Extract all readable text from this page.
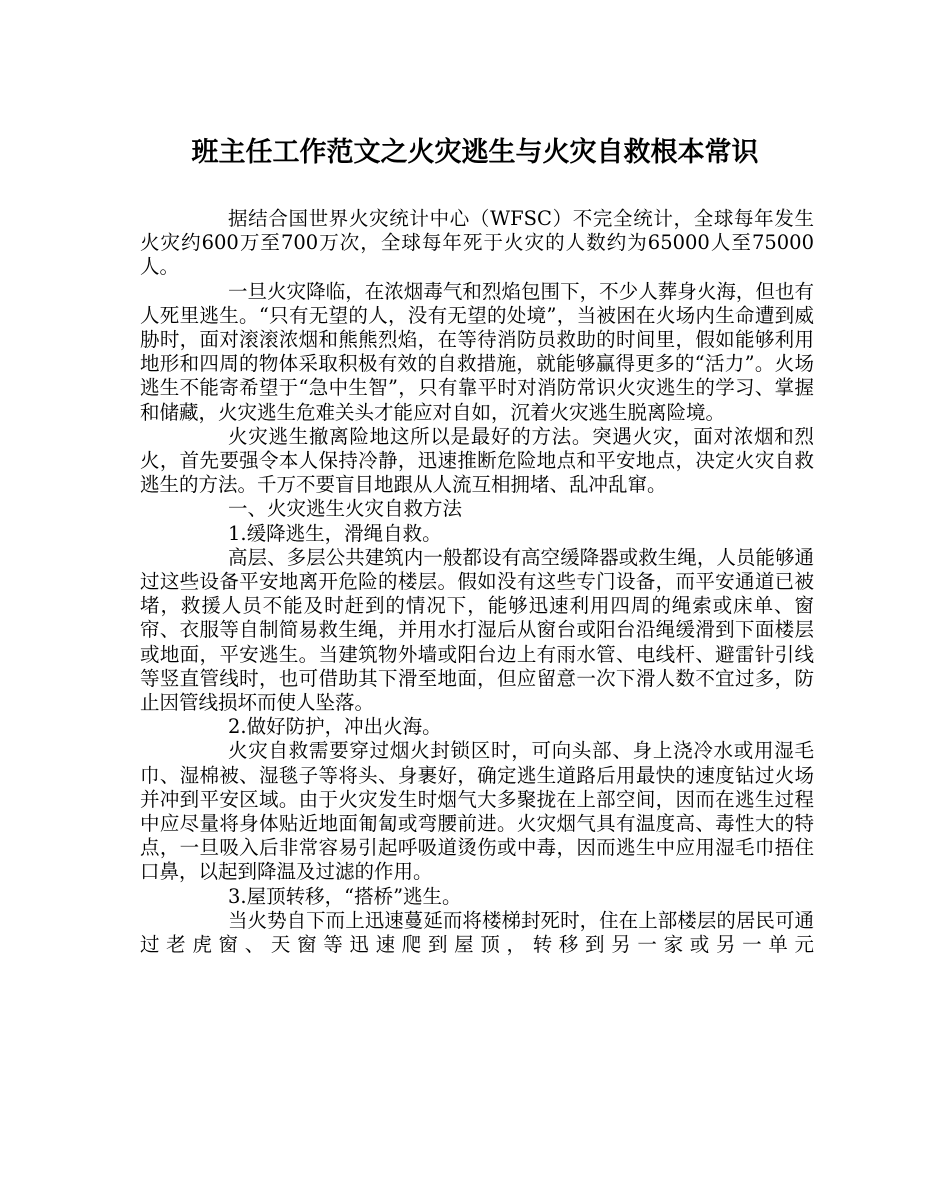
班主任工作范文之火灾逃生与火灾自救根本常识

据结合国世界火灾统计中心（WFSC）不完全统计，全球每年发生火灾约600万至700万次，全球每年死于火灾的人数约为65000人至75000人。

一旦火灾降临，在浓烟毒气和烈焰包围下，不少人葬身火海，但也有人死里逃生。“只有无望的人，没有无望的处境”，当被困在火场内生命遭到威胁时，面对滚滚浓烟和熊熊烈焰，在等待消防员救助的时间里，假如能够利用地形和四周的物体采取积极有效的自救措施，就能够赢得更多的“活力”。火场逃生不能寄希望于“急中生智”，只有靠平时对消防常识火灾逃生的学习、掌握和储藏，火灾逃生危难关头才能应对自如，沉着火灾逃生脱离险境。

火灾逃生撤离险地这所以是最好的方法。突遇火灾，面对浓烟和烈火，首先要强令本人保持冷静，迅速推断危险地点和平安地点，决定火灾自救逃生的方法。千万不要盲目地跟从人流互相拥堵、乱冲乱窜。

一、火灾逃生火灾自救方法

1.缓降逃生，滑绳自救。

高层、多层公共建筑内一般都设有高空缓降器或救生绳，人员能够通过这些设备平安地离开危险的楼层。假如没有这些专门设备，而平安通道已被堵，救援人员不能及时赶到的情况下，能够迅速利用四周的绳索或床单、窗帘、衣服等自制简易救生绳，并用水打湿后从窗台或阳台沿绳缓滑到下面楼层或地面，平安逃生。当建筑物外墙或阳台边上有雨水管、电线杆、避雷针引线等竖直管线时，也可借助其下滑至地面，但应留意一次下滑人数不宜过多，防止因管线损坏而使人坠落。

2.做好防护，冲出火海。

火灾自救需要穿过烟火封锁区时，可向头部、身上浇冷水或用湿毛巾、湿棉被、湿毯子等将头、身裹好，确定逃生道路后用最快的速度钻过火场并冲到平安区域。由于火灾发生时烟气大多聚拢在上部空间，因而在逃生过程中应尽量将身体贴近地面匍匐或弯腰前进。火灾烟气具有温度高、毒性大的特点，一旦吸入后非常容易引起呼吸道烫伤或中毒，因而逃生中应用湿毛巾捂住口鼻，以起到降温及过滤的作用。

3.屋顶转移，“搭桥”逃生。

当火势自下而上迅速蔓延而将楼梯封死时，住在上部楼层的居民可通过老虎窗、天窗等迅速爬到屋顶，转移到另一家或另一单元
